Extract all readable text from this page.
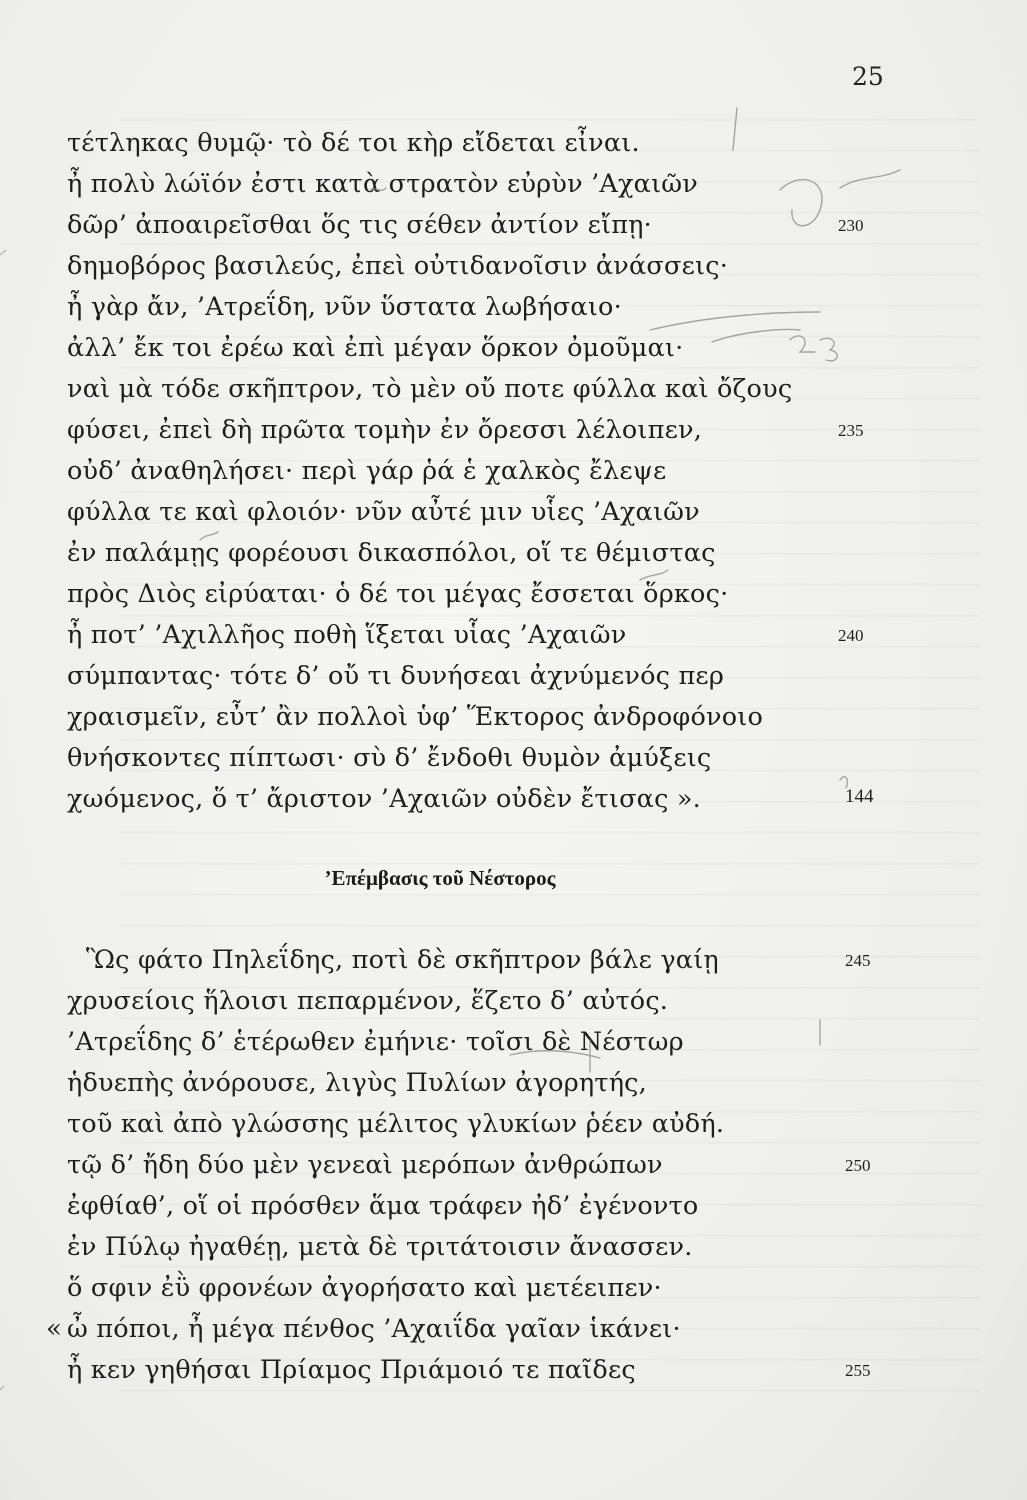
25
τέτληκας θυμῷ· τὸ δέ τοι κὴρ εἴδεται εἶναι.
ἦ πολὺ λώϊόν ἐστι κατὰ στρατὸν εὐρὺν ’Αχαιῶν
δῶρ’ ἀποαιρεῖσθαι ὅς τις σέθεν ἀντίον εἴπῃ·	230
δημοβόρος βασιλεύς, ἐπεὶ οὐτιδανοῖσιν ἀνάσσεις·
ἦ γὰρ ἄν, ’Ατρεΐδη, νῦν ὕστατα λωβήσαιο·
ἀλλ’ ἔκ τοι ἐρέω καὶ ἐπὶ μέγαν ὅρκον ὀμοῦμαι·
ναὶ μὰ τόδε σκῆπτρον, τὸ μὲν οὔ ποτε φύλλα καὶ ὄζους
φύσει, ἐπεὶ δὴ πρῶτα τομὴν ἐν ὄρεσσι λέλοιπεν,	235
οὐδ’ ἀναθηλήσει· περὶ γάρ ῥά ἑ χαλκὸς ἔλεψε
φύλλα τε καὶ φλοιόν· νῦν αὖτέ μιν υἷες ’Αχαιῶν
ἐν παλάμῃς φορέουσι δικασπόλοι, οἵ τε θέμιστας
πρὸς Διὸς εἰρύαται· ὁ δέ τοι μέγας ἔσσεται ὅρκος·
ἦ ποτ’ ’Αχιλλῆος ποθὴ ἵξεται υἷας ’Αχαιῶν	240
σύμπαντας· τότε δ’ οὔ τι δυνήσεαι ἀχνύμενός περ
χραισμεῖν, εὖτ’ ἂν πολλοὶ ὑφ’ Ἕκτορος ἀνδροφόνοιο
θνήσκοντες πίπτωσι· σὺ δ’ ἔνδοθι θυμὸν ἀμύξεις
χωόμενος, ὅ τ’ ἄριστον ’Αχαιῶν οὐδὲν ἔτισας ».	144
’Επέμβασις τοῦ Νέστορος
Ὣς φάτο Πηλεΐδης, ποτὶ δὲ σκῆπτρον βάλε γαίῃ	245
χρυσείοις ἥλοισι πεπαρμένον, ἕζετο δ’ αὐτός.
’Ατρεΐδης δ’ ἑτέρωθεν ἐμήνιε· τοῖσι δὲ Νέστωρ
ἡδυεπὴς ἀνόρουσε, λιγὺς Πυλίων ἀγορητής,
τοῦ καὶ ἀπὸ γλώσσης μέλιτος γλυκίων ῥέεν αὐδή.
τῷ δ’ ἤδη δύο μὲν γενεαὶ μερόπων ἀνθρώπων	250
ἐφθίαθ’, οἵ οἱ πρόσθεν ἅμα τράφεν ἠδ’ ἐγένοντο
ἐν Πύλῳ ἠγαθέῃ, μετὰ δὲ τριτάτοισιν ἄνασσεν.
ὅ σφιν ἐῢ φρονέων ἀγορήσατο καὶ μετέειπεν·
« ὦ πόποι, ἦ μέγα πένθος ’Αχαιΐδα γαῖαν ἱκάνει·
ἦ κεν γηθήσαι Πρίαμος Πριάμοιό τε παῖδες	255
